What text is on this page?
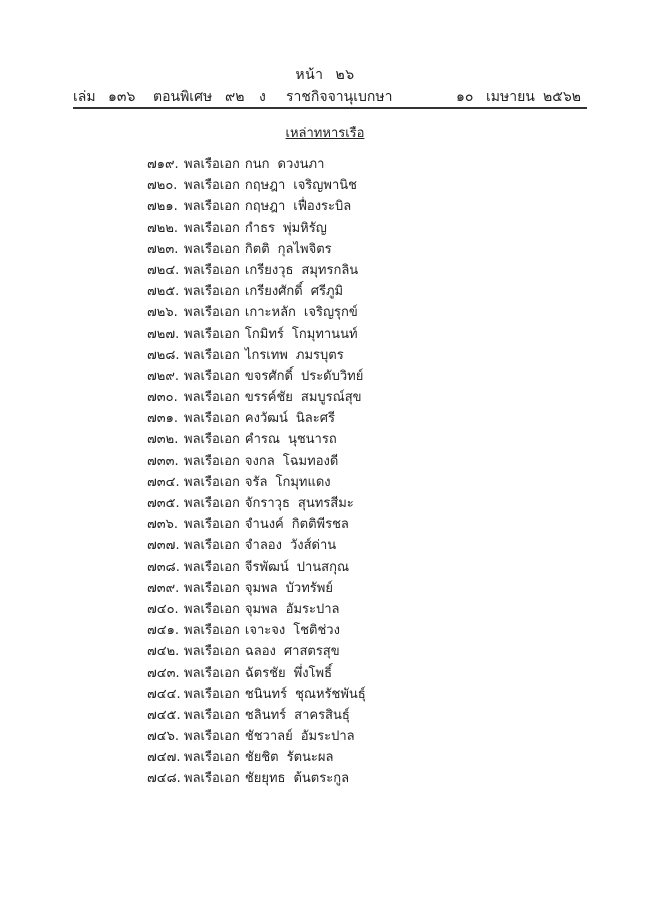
หน้า ๒๖
เล่ม ๑๓๖ ตอนพิเศษ ๙๒ ง ราชกิจจานุเบกษา	๑๐ เมษายน ๒๕๖๒
เหล่าทหารเรือ
๗๑๙. พลเรือเอก กนก ดวงนภา
๗๒๐. พลเรือเอก กฤษฎา เจริญพานิช
๗๒๑. พลเรือเอก กฤษฎา เฟื่องระบิล
๗๒๒. พลเรือเอก กำธร พุ่มหิรัญ
๗๒๓. พลเรือเอก กิตติ กุลไพจิตร
๗๒๔. พลเรือเอก เกรียงวุธ สมุทรกลิน
๗๒๕. พลเรือเอก เกรียงศักดิ์ ศรีภูมิ
๗๒๖. พลเรือเอก เกาะหลัก เจริญรุกข์
๗๒๗. พลเรือเอก โกมิทร์ โกมุทานนท์
๗๒๘. พลเรือเอก ไกรเทพ ภมรบุตร
๗๒๙. พลเรือเอก ขจรศักดิ์ ประดับวิทย์
๗๓๐. พลเรือเอก ขรรค์ชัย สมบูรณ์สุข
๗๓๑. พลเรือเอก คงวัฒน์ นิละศรี
๗๓๒. พลเรือเอก คำรณ นุชนารถ
๗๓๓. พลเรือเอก จงกล โฉมทองดี
๗๓๔. พลเรือเอก จรัล โกมุทแดง
๗๓๕. พลเรือเอก จักราวุธ สุนทรสีมะ
๗๓๖. พลเรือเอก จำนงค์ กิตติพีรชล
๗๓๗. พลเรือเอก จำลอง วังส์ด่าน
๗๓๘. พลเรือเอก จีรพัฒน์ ปานสกุณ
๗๓๙. พลเรือเอก จุมพล บัวทรัพย์
๗๔๐. พลเรือเอก จุมพล อัมระปาล
๗๔๑. พลเรือเอก เจาะจง โชติช่วง
๗๔๒. พลเรือเอก ฉลอง ศาสตรสุข
๗๔๓. พลเรือเอก ฉัตรชัย พึ่งโพธิ์
๗๔๔. พลเรือเอก ชนินทร์ ชุณหรัชพันธุ์
๗๔๕. พลเรือเอก ชลินทร์ สาครสินธุ์
๗๔๖. พลเรือเอก ชัชวาลย์ อัมระปาล
๗๔๗. พลเรือเอก ชัยชิต รัตนะผล
๗๔๘. พลเรือเอก ชัยยุทธ ต้นตระกูล
